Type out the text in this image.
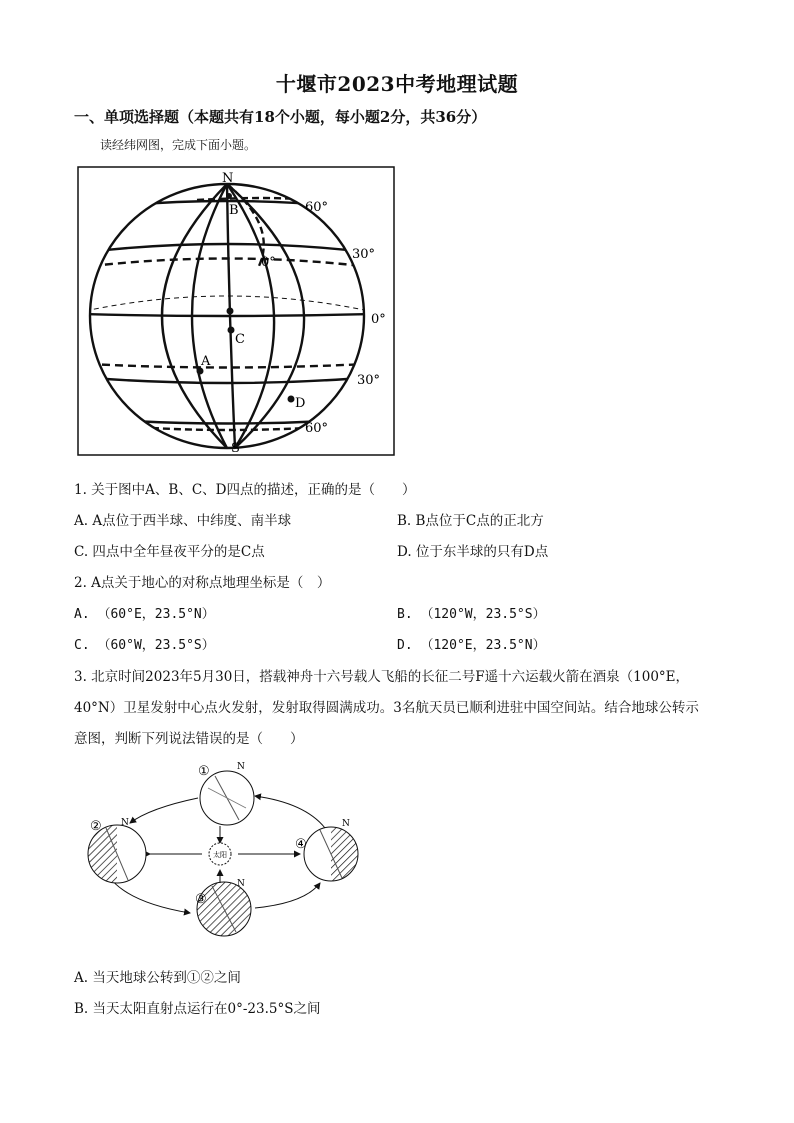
十堰市2023中考地理试题
一、单项选择题（本题共有18个小题，每小题2分，共36分）
读经纬网图，完成下面小题。
N
S
B
C
A
D
60°
30°
0°
30°
60°
0°
1. 关于图中A、B、C、D四点的描述，正确的是（　　）
A. A点位于西半球、中纬度、南半球	B. B点位于C点的正北方
C. 四点中全年昼夜平分的是C点	D. 位于东半球的只有D点
2. A点关于地心的对称点地理坐标是（　）
A. （60°E，23.5°N）	B. （120°W，23.5°S）
C. （60°W，23.5°S）	D. （120°E，23.5°N）
3. 北京时间2023年5月30日，搭载神舟十六号载人飞船的长征二号F遥十六运载火箭在酒泉（100°E，
40°N）卫星发射中心点火发射，发射取得圆满成功。3名航天员已顺利进驻中国空间站。结合地球公转示
意图，判断下列说法错误的是（　　）
太阳
①
②
③
④
N
N
N
N
A. 当天地球公转到①②之间
B. 当天太阳直射点运行在0°-23.5°S之间
